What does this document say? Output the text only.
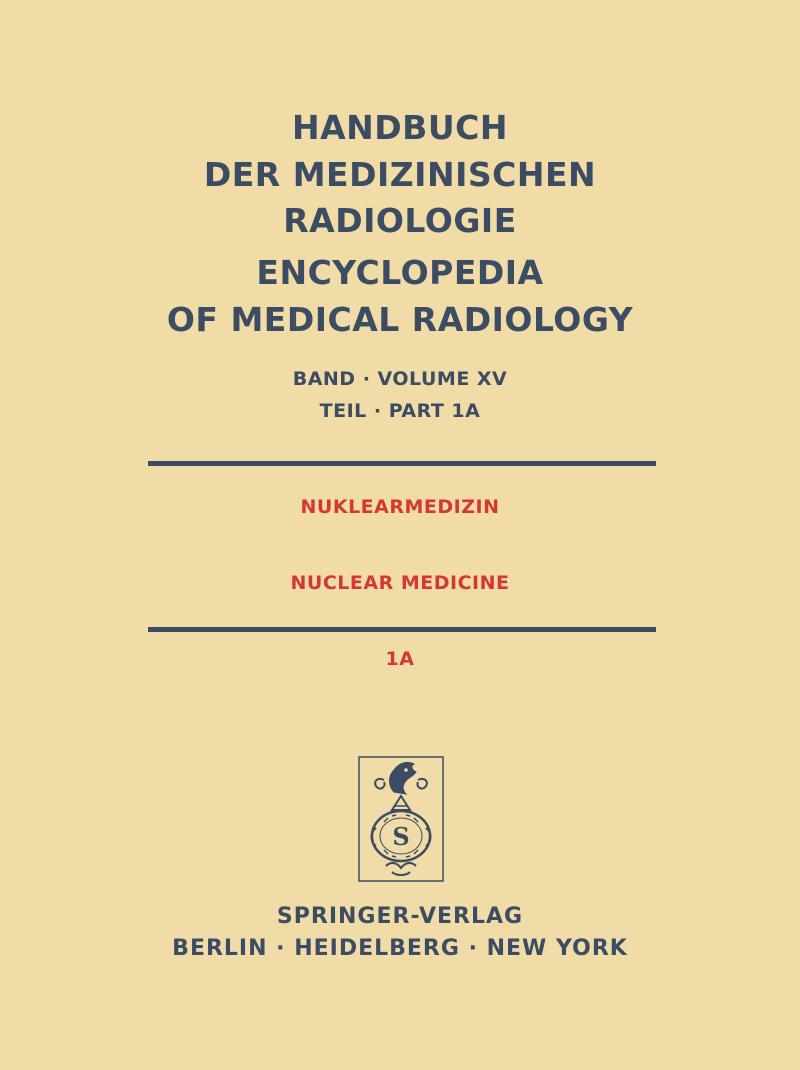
HANDBUCH
DER MEDIZINISCHEN
RADIOLOGIE
ENCYCLOPEDIA
OF MEDICAL RADIOLOGY
BAND · VOLUME XV
TEIL · PART 1A
NUKLEARMEDIZIN
NUCLEAR MEDICINE
1A
S
SPRINGER-VERLAG
BERLIN · HEIDELBERG · NEW YORK
